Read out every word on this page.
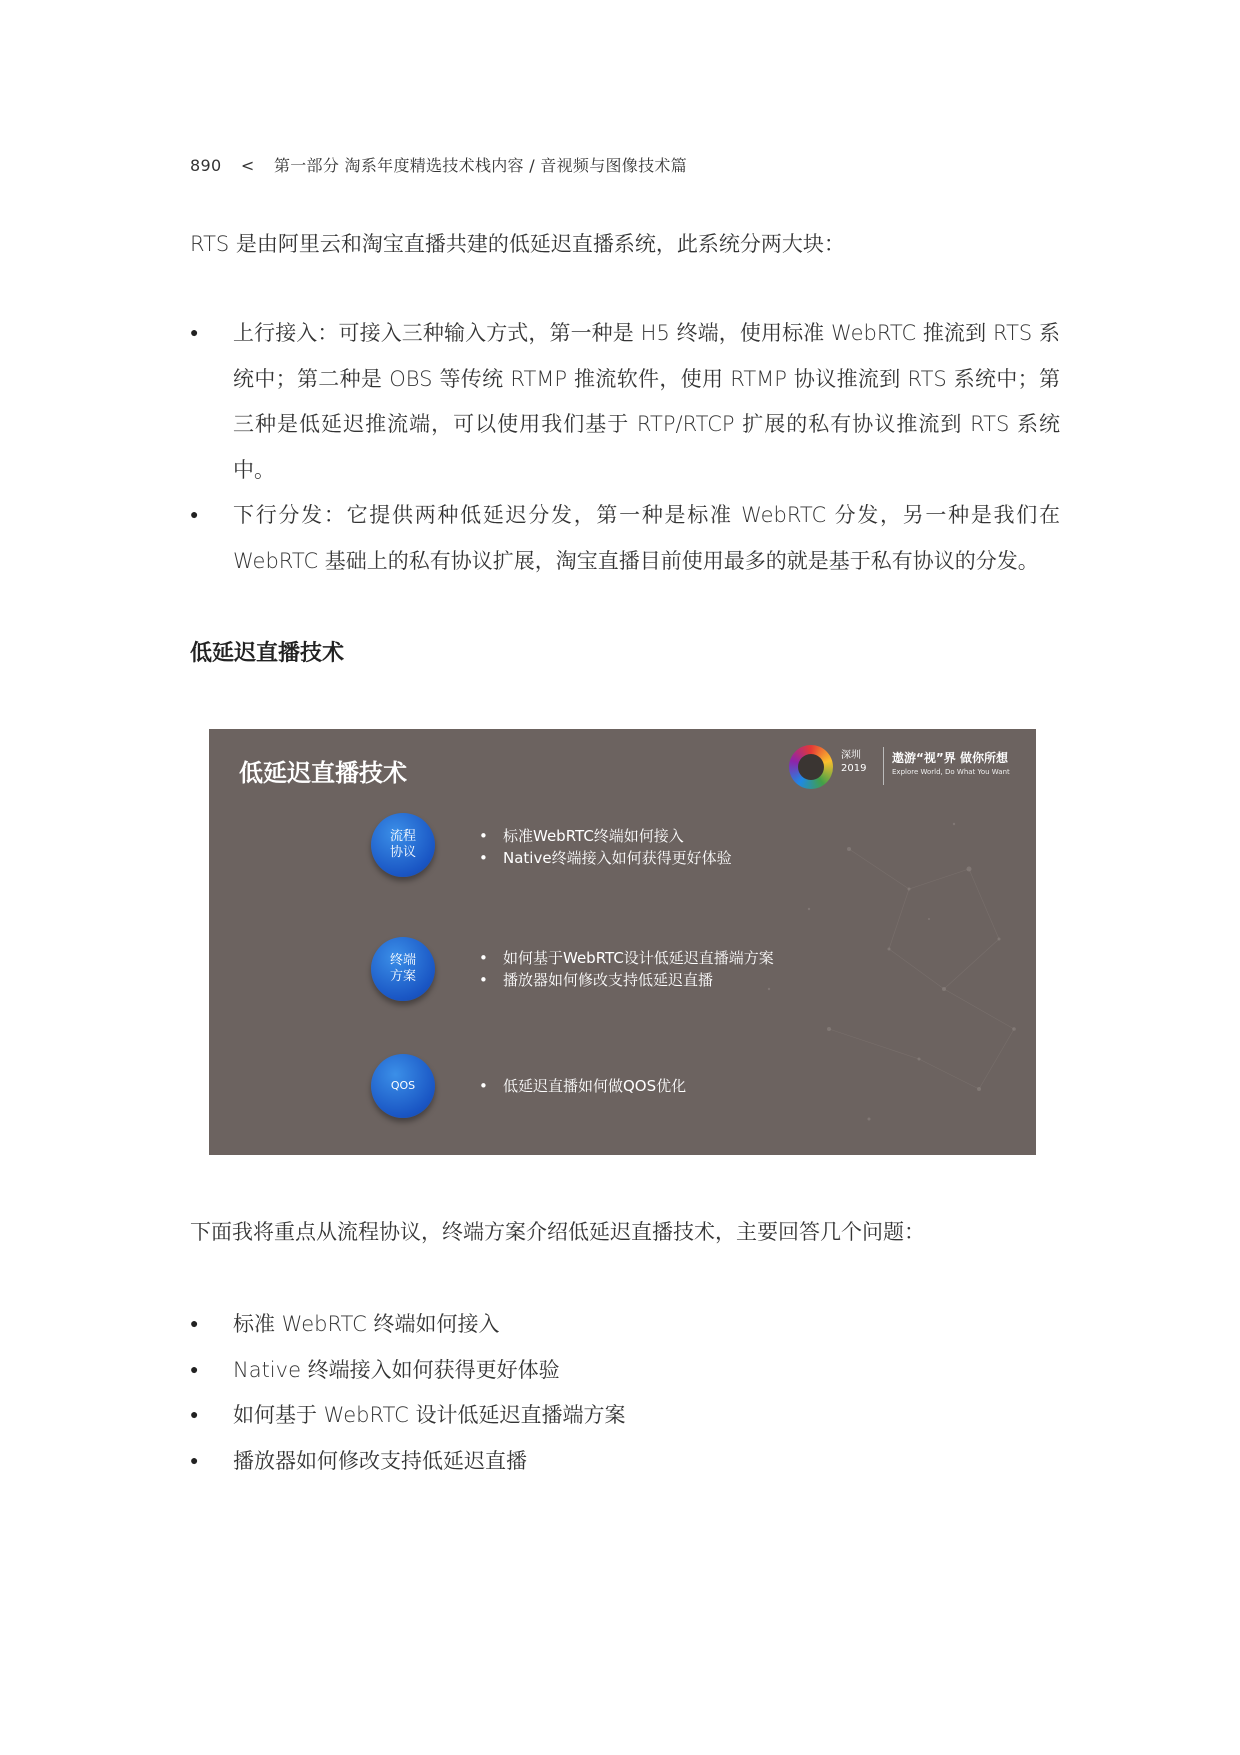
890 < 第一部分 淘系年度精选技术栈内容 / 音视频与图像技术篇
RTS 是由阿里云和淘宝直播共建的低延迟直播系统，此系统分两大块：
● 上行接入：可接入三种输入方式，第一种是 H5 终端，使用标准 WebRTC 推流到 RTS 系统中；第二种是 OBS 等传统 RTMP 推流软件，使用 RTMP 协议推流到 RTS 系统中；第三种是低延迟推流端，可以使用我们基于 RTP/RTCP 扩展的私有协议推流到 RTS 系统中。
● 下行分发：它提供两种低延迟分发，第一种是标准 WebRTC 分发，另一种是我们在 WebRTC 基础上的私有协议扩展，淘宝直播目前使用最多的就是基于私有协议的分发。
低延迟直播技术
低延迟直播技术
深圳
2019
遨游“视”界 做你所想
Explore World, Do What You Want
流程
协议
• 标准WebRTC终端如何接入
• Native终端接入如何获得更好体验
终端
方案
• 如何基于WebRTC设计低延迟直播端方案
• 播放器如何修改支持低延迟直播
QOS
•	低延迟直播如何做QOS优化
下面我将重点从流程协议，终端方案介绍低延迟直播技术，主要回答几个问题：
● 标准 WebRTC 终端如何接入
● Native 终端接入如何获得更好体验
● 如何基于 WebRTC 设计低延迟直播端方案
● 播放器如何修改支持低延迟直播
